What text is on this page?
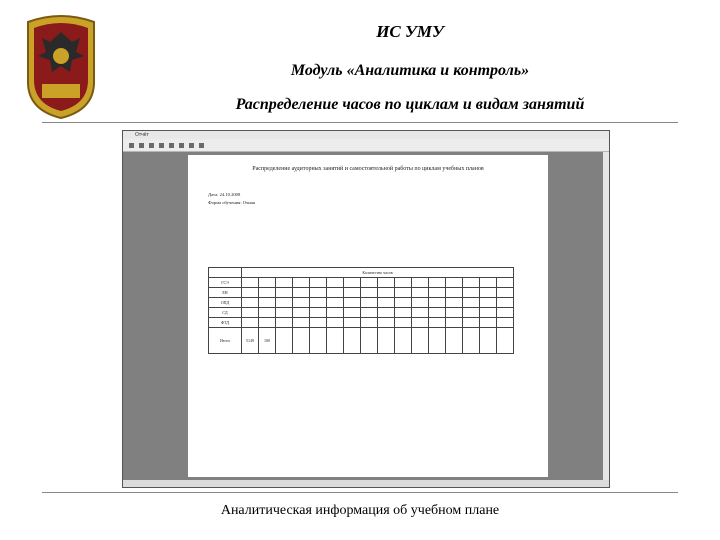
ИС УМУ
Модуль «Аналитика и контроль»
Распределение часов по циклам и видам занятий
Отчёт
Распределение аудиторных занятий и самостоятельной работы по циклам учебных планов
Дата: 24.10.2008
Форма обучения: Очная
	Количество часов															
ГСЭ																
ЕН																
ОПД																
СД																
ФТД																
Итого	5149	100														
Аналитическая информация об учебном плане
